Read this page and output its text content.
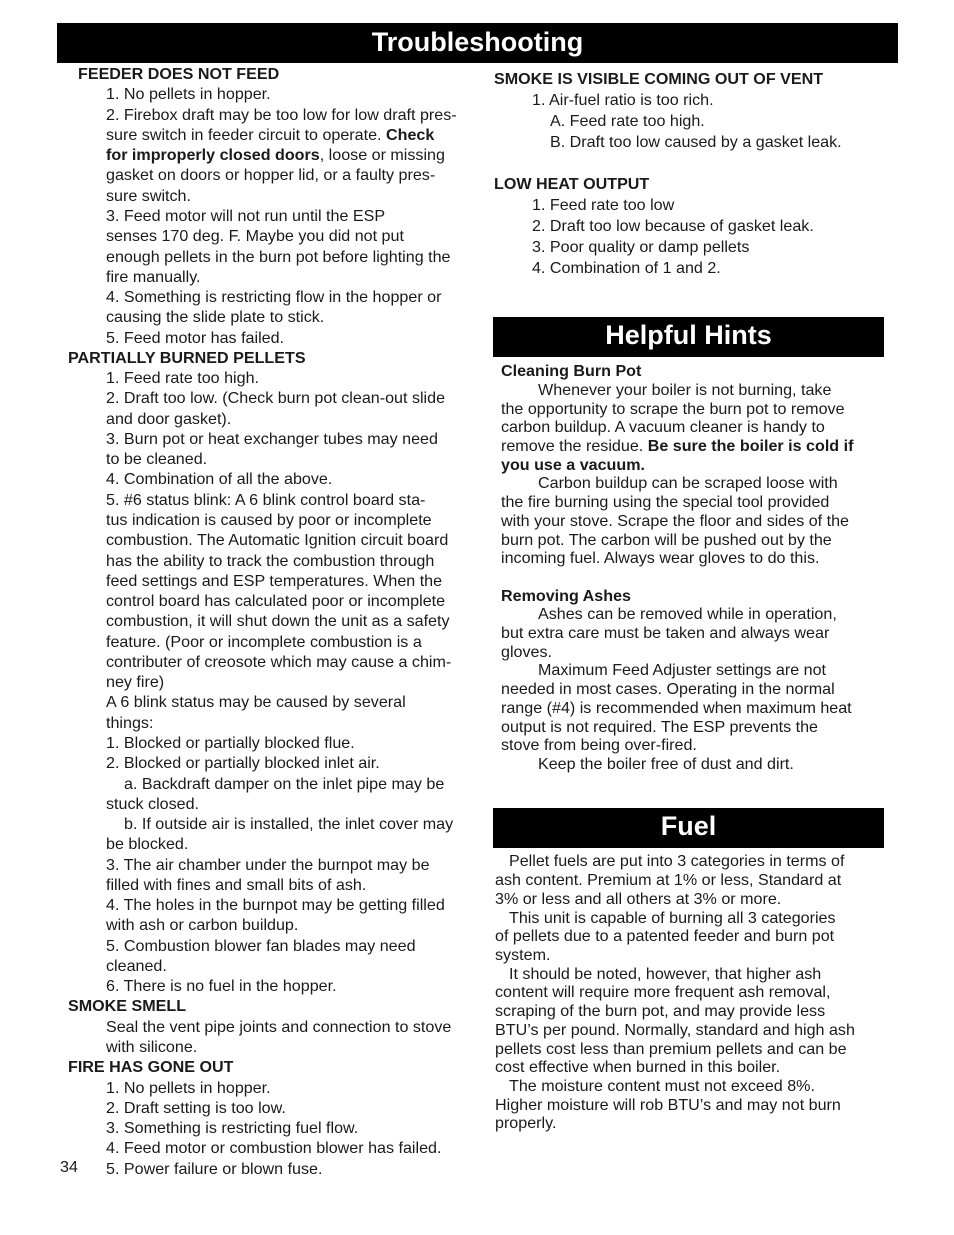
Troubleshooting
Helpful Hints
Fuel
FEEDER DOES NOT FEED
1. No pellets in hopper.
2. Firebox draft may be too low for low draft pres-
sure switch in feeder circuit to operate. Check
for improperly closed doors, loose or missing
gasket on doors or hopper lid, or a faulty pres-
sure switch.
3. Feed motor will not run until the ESP
senses 170 deg. F. Maybe you did not put
enough pellets in the burn pot before lighting the
fire manually.
4. Something is restricting flow in the hopper or
causing the slide plate to stick.
5. Feed motor has failed.
PARTIALLY BURNED PELLETS
1. Feed rate too high.
2. Draft too low. (Check burn pot clean-out slide
and door gasket).
3. Burn pot or heat exchanger tubes may need
to be cleaned.
4. Combination of all the above.
5. #6 status blink: A 6 blink control board sta-
tus indication is caused by poor or incomplete
combustion. The Automatic Ignition circuit board
has the ability to track the combustion through
feed settings and ESP temperatures. When the
control board has calculated poor or incomplete
combustion, it will shut down the unit as a safety
feature. (Poor or incomplete combustion is a
contributer of creosote which may cause a chim-
ney fire)
A 6 blink status may be caused by several
things:
1. Blocked or partially blocked flue.
2. Blocked or partially blocked inlet air.
a. Backdraft damper on the inlet pipe may be
stuck closed.
b. If outside air is installed, the inlet cover may
be blocked.
3. The air chamber under the burnpot may be
filled with fines and small bits of ash.
4. The holes in the burnpot may be getting filled
with ash or carbon buildup.
5. Combustion blower fan blades may need
cleaned.
6. There is no fuel in the hopper.
SMOKE SMELL
Seal the vent pipe joints and connection to stove
with silicone.
FIRE HAS GONE OUT
1. No pellets in hopper.
2. Draft setting is too low.
3. Something is restricting fuel flow.
4. Feed motor or combustion blower has failed.
5. Power failure or blown fuse.
34
SMOKE IS VISIBLE COMING OUT OF VENT
1. Air-fuel ratio is too rich.
A. Feed rate too high.
B. Draft too low caused by a gasket leak.
LOW HEAT OUTPUT
1. Feed rate too low
2. Draft too low because of gasket leak.
3. Poor quality or damp pellets
4. Combination of 1 and 2.
Cleaning Burn Pot
Whenever your boiler is not burning, take
the opportunity to scrape the burn pot to remove
carbon buildup. A vacuum cleaner is handy to
remove the residue. Be sure the boiler is cold if
you use a vacuum.
Carbon buildup can be scraped loose with
the fire burning using the special tool provided
with your stove. Scrape the floor and sides of the
burn pot. The carbon will be pushed out by the
incoming fuel. Always wear gloves to do this.
Removing Ashes
Ashes can be removed while in operation,
but extra care must be taken and always wear
gloves.
Maximum Feed Adjuster settings are not
needed in most cases. Operating in the normal
range (#4) is recommended when maximum heat
output is not required. The ESP prevents the
stove from being over-fired.
Keep the boiler free of dust and dirt.
Pellet fuels are put into 3 categories in terms of
ash content. Premium at 1% or less, Standard at
3% or less and all others at 3% or more.
This unit is capable of burning all 3 categories
of pellets due to a patented feeder and burn pot
system.
It should be noted, however, that higher ash
content will require more frequent ash removal,
scraping of the burn pot, and may provide less
BTU’s per pound. Normally, standard and high ash
pellets cost less than premium pellets and can be
cost effective when burned in this boiler.
The moisture content must not exceed 8%.
Higher moisture will rob BTU’s and may not burn
properly.
